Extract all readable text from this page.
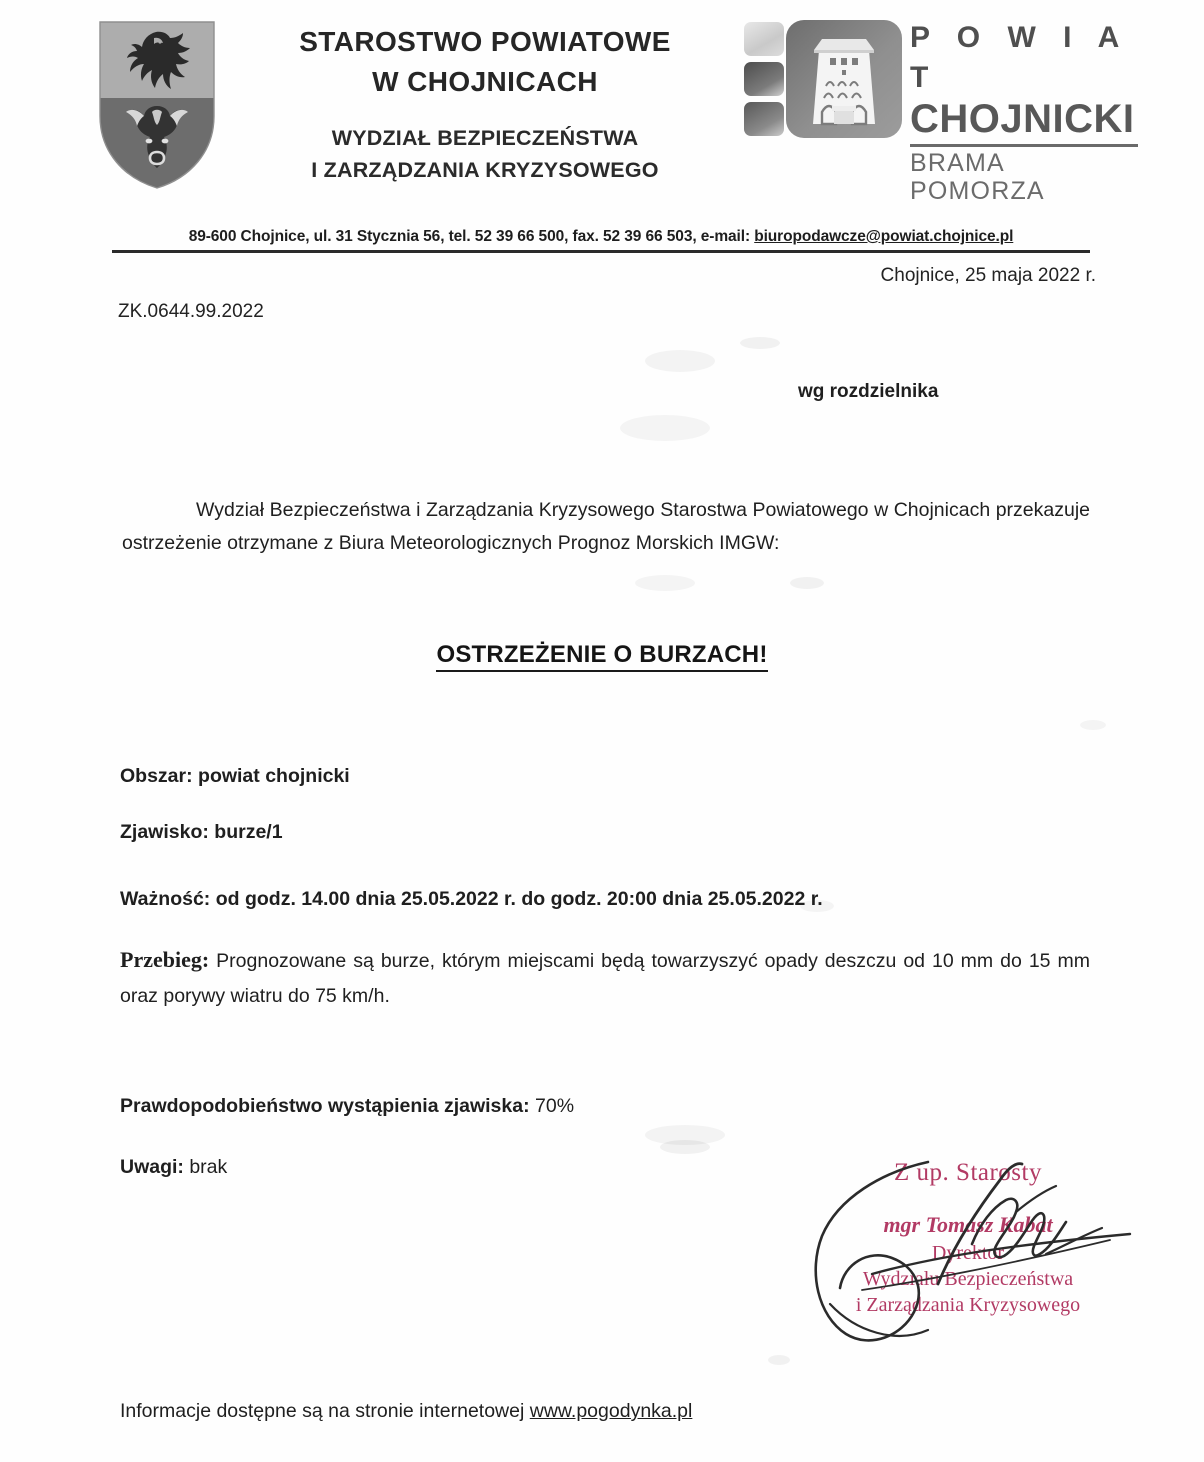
STAROSTWO POWIATOWE
W CHOJNICACH
WYDZIAŁ BEZPIECZEŃSTWA
I ZARZĄDZANIA KRYZYSOWEGO
P O W I A T
CHOJNICKI
BRAMA POMORZA
89-600 Chojnice, ul. 31 Stycznia 56, tel. 52 39 66 500, fax. 52 39 66 503, e-mail: biuropodawcze@powiat.chojnice.pl
Chojnice, 25 maja 2022 r.
ZK.0644.99.2022
wg rozdzielnika
Wydział Bezpieczeństwa i Zarządzania Kryzysowego Starostwa Powiatowego w Chojnicach przekazuje ostrzeżenie otrzymane z Biura Meteorologicznych Prognoz Morskich IMGW:
OSTRZEŻENIE O BURZACH!
Obszar: powiat chojnicki
Zjawisko: burze/1
Ważność: od godz. 14.00 dnia 25.05.2022 r. do godz. 20:00 dnia 25.05.2022 r.
Przebieg: Prognozowane są burze, którym miejscami będą towarzyszyć opady deszczu od 10 mm do 15 mm oraz porywy wiatru do 75 km/h.
Prawdopodobieństwo wystąpienia zjawiska: 70%
Uwagi: brak	Z up. Starosty
mgr Tomasz Kabat
Dyrektor
Wydziału Bezpieczeństwa
i Zarządzania Kryzysowego
Informacje dostępne są na stronie internetowej www.pogodynka.pl
